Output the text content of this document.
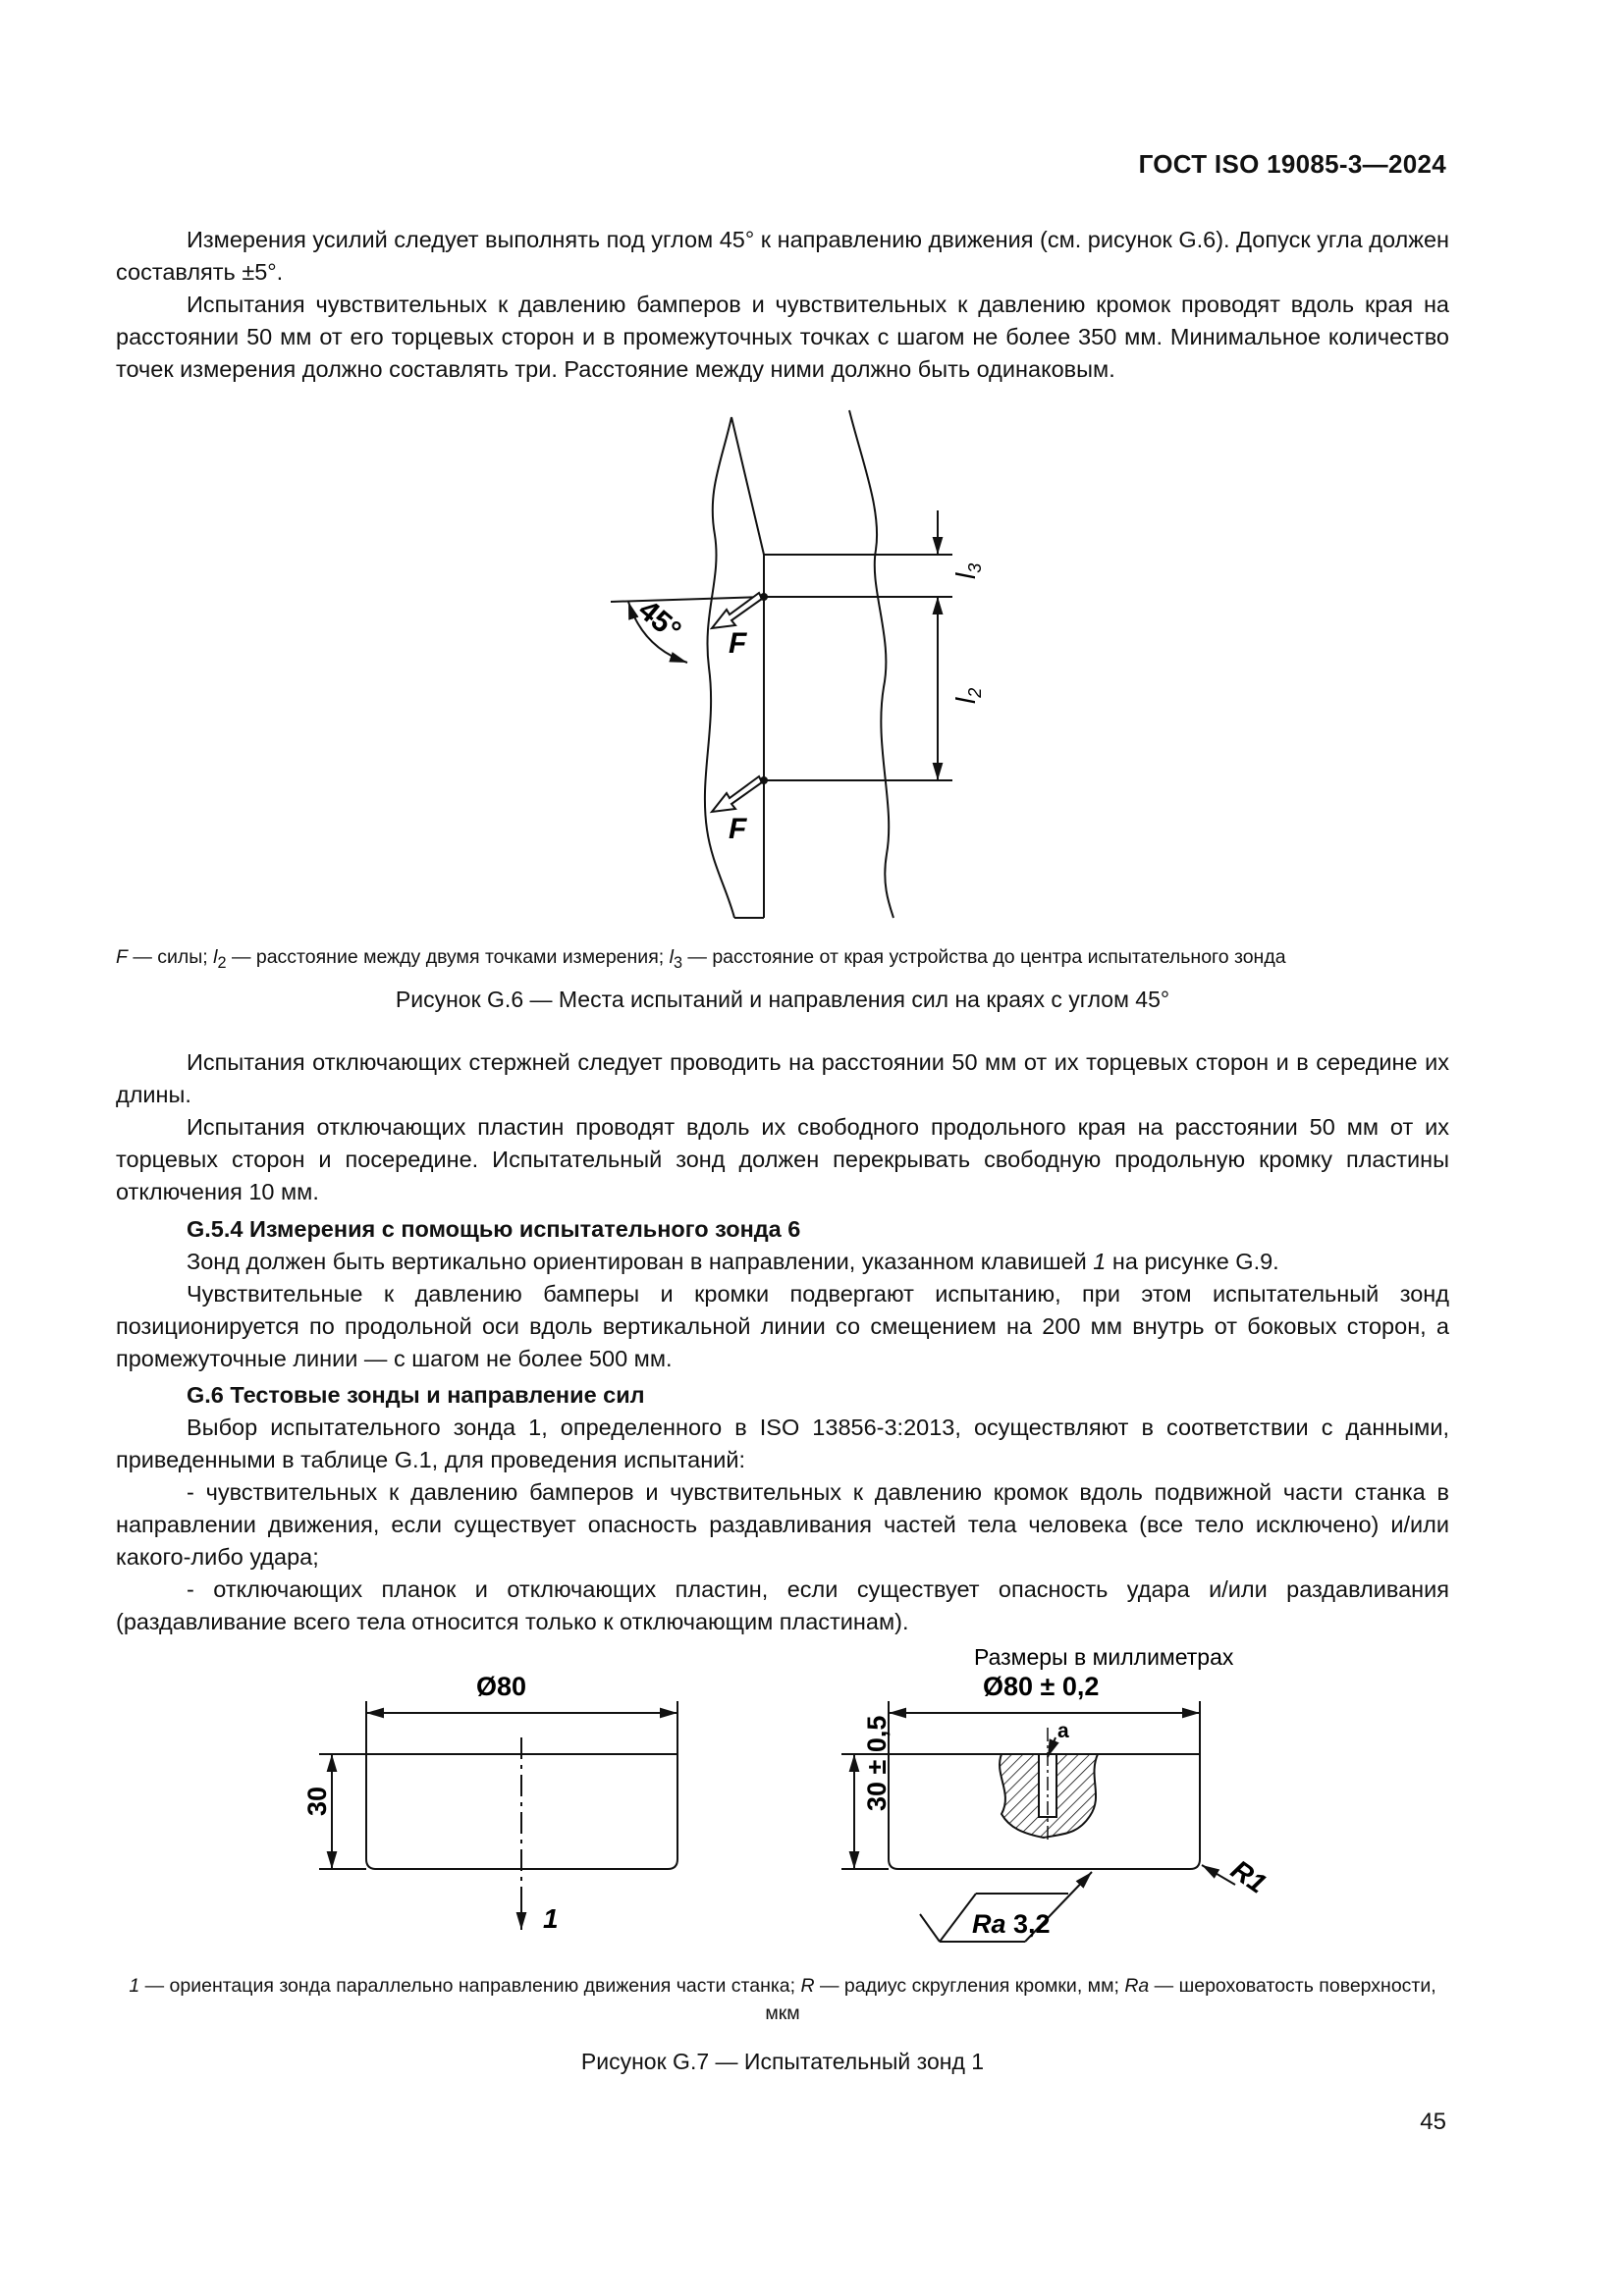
ГОСТ ISO 19085-3—2024

Измерения усилий следует выполнять под углом 45° к направлению движения (см. рисунок G.6). Допуск угла должен составлять ±5°.

Испытания чувствительных к давлению бамперов и чувствительных к давлению кромок проводят вдоль края на расстоянии 50 мм от его торцевых сторон и в промежуточных точках с шагом не более 350 мм. Минимальное количество точек измерения должно составлять три. Расстояние между ними должно быть одинаковым.

45° F
F
$l_3$
$l_2$
F — силы; $l_2$ — расстояние между двумя точками измерения; $l_3$ — расстояние от края устройства до центра испытательного зонда
Рисунок G.6 — Места испытаний и направления сил на краях с углом 45°

Испытания отключающих стержней следует проводить на расстоянии 50 мм от их торцевых сторон и в середине их длины.

Испытания отключающих пластин проводят вдоль их свободного продольного края на расстоянии 50 мм от их торцевых сторон и посередине. Испытательный зонд должен перекрывать свободную продольную кромку пластины отключения 10 мм.

G.5.4 Измерения с помощью испытательного зонда 6

Зонд должен быть вертикально ориентирован в направлении, указанном клавишей 1 на рисунке G.9.

Чувствительные к давлению бамперы и кромки подвергают испытанию, при этом испытательный зонд позиционируется по продольной оси вдоль вертикальной линии со смещением на 200 мм внутрь от боковых сторон, а промежуточные линии — с шагом не более 500 мм.

G.6 Тестовые зонды и направление сил

Выбор испытательного зонда 1, определенного в ISO 13856-3:2013, осуществляют в соответствии с данными, приведенными в таблице G.1, для проведения испытаний:

- чувствительных к давлению бамперов и чувствительных к давлению кромок вдоль подвижной части станка в направлении движения, если существует опасность раздавливания частей тела человека (все тело исключено) и/или какого-либо удара;

- отключающих планок и отключающих пластин, если существует опасность удара и/или раздавливания (раздавливание всего тела относится только к отключающим пластинам).

Размеры в миллиметрах
Ø80
30
1
a
Ø80 ± 0,2
30 ± 0,5
R1
Ra 3,2
1 — ориентация зонда параллельно направлению движения части станка; R — радиус скругления кромки, мм; Ra — шероховатость поверхности, мкм
Рисунок G.7 — Испытательный зонд 1
45
